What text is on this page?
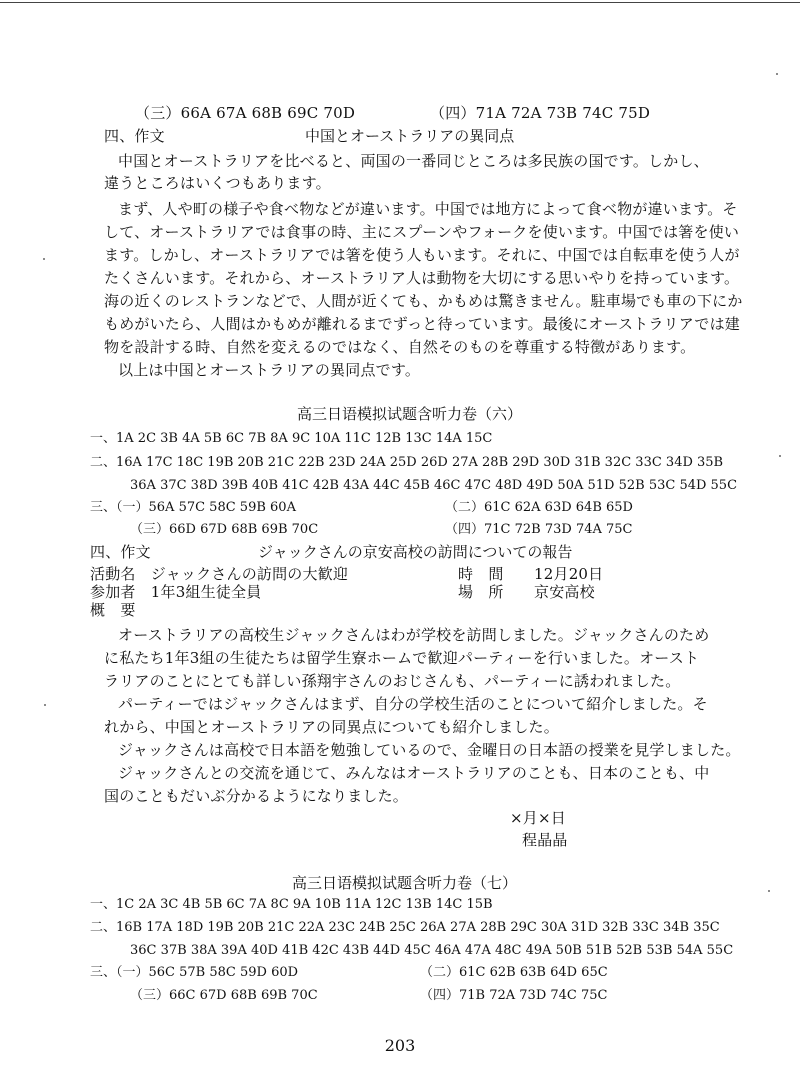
（三）66A 67A 68B 69C 70D	（四）71A 72A 73B 74C 75D
四、作文	中国とオーストラリアの異同点
中国とオーストラリアを比べると、両国の一番同じところは多民族の国です。しかし、
違うところはいくつもあります。
まず、人や町の様子や食べ物などが違います。中国では地方によって食べ物が違います。そ
して、オーストラリアでは食事の時、主にスプーンやフォークを使います。中国では箸を使い
ます。しかし、オーストラリアでは箸を使う人もいます。それに、中国では自転車を使う人が
たくさんいます。それから、オーストラリア人は動物を大切にする思いやりを持っています。
海の近くのレストランなどで、人間が近くても、かもめは驚きません。駐車場でも車の下にか
もめがいたら、人間はかもめが離れるまでずっと待っています。最後にオーストラリアでは建
物を設計する時、自然を変えるのではなく、自然そのものを尊重する特徴があります。
以上は中国とオーストラリアの異同点です。
高三日语模拟试题含听力卷（六）
一、1A 2C 3B 4A 5B 6C 7B 8A 9C 10A 11C 12B 13C 14A 15C
二、16A 17C 18C 19B 20B 21C 22B 23D 24A 25D 26D 27A 28B 29D 30D 31B 32C 33C 34D 35B
36A 37C 38D 39B 40B 41C 42B 43A 44C 45B 46C 47C 48D 49D 50A 51D 52B 53C 54D 55C
三、（一）56A 57C 58C 59B 60A	（二）61C 62A 63D 64B 65D
（三）66D 67D 68B 69B 70C	（四）71C 72B 73D 74A 75C
四、作文	ジャックさんの京安高校の訪問についての報告
活動名　ジャックさんの訪問の大歓迎	時　間　　12月20日
参加者　1年3組生徒全員	場　所　　京安高校
概　要
オーストラリアの高校生ジャックさんはわが学校を訪問しました。ジャックさんのため
に私たち1年3組の生徒たちは留学生寮ホームで歓迎パーティーを行いました。オースト
ラリアのことにとても詳しい孫翔宇さんのおじさんも、パーティーに誘われました。
パーティーではジャックさんはまず、自分の学校生活のことについて紹介しました。そ
れから、中国とオーストラリアの同異点についても紹介しました。
ジャックさんは高校で日本語を勉強しているので、金曜日の日本語の授業を見学しました。
ジャックさんとの交流を通じて、みんなはオーストラリアのことも、日本のことも、中
国のこともだいぶ分かるようになりました。
×月×日
程晶晶
高三日语模拟试题含听力卷（七）
一、1C 2A 3C 4B 5B 6C 7A 8C 9A 10B 11A 12C 13B 14C 15B
二、16B 17A 18D 19B 20B 21C 22A 23C 24B 25C 26A 27A 28B 29C 30A 31D 32B 33C 34B 35C
36C 37B 38A 39A 40D 41B 42C 43B 44D 45C 46A 47A 48C 49A 50B 51B 52B 53B 54A 55C
三、（一）56C 57B 58C 59D 60D	（二）61C 62B 63B 64D 65C
（三）66C 67D 68B 69B 70C	（四）71B 72A 73D 74C 75C
203
